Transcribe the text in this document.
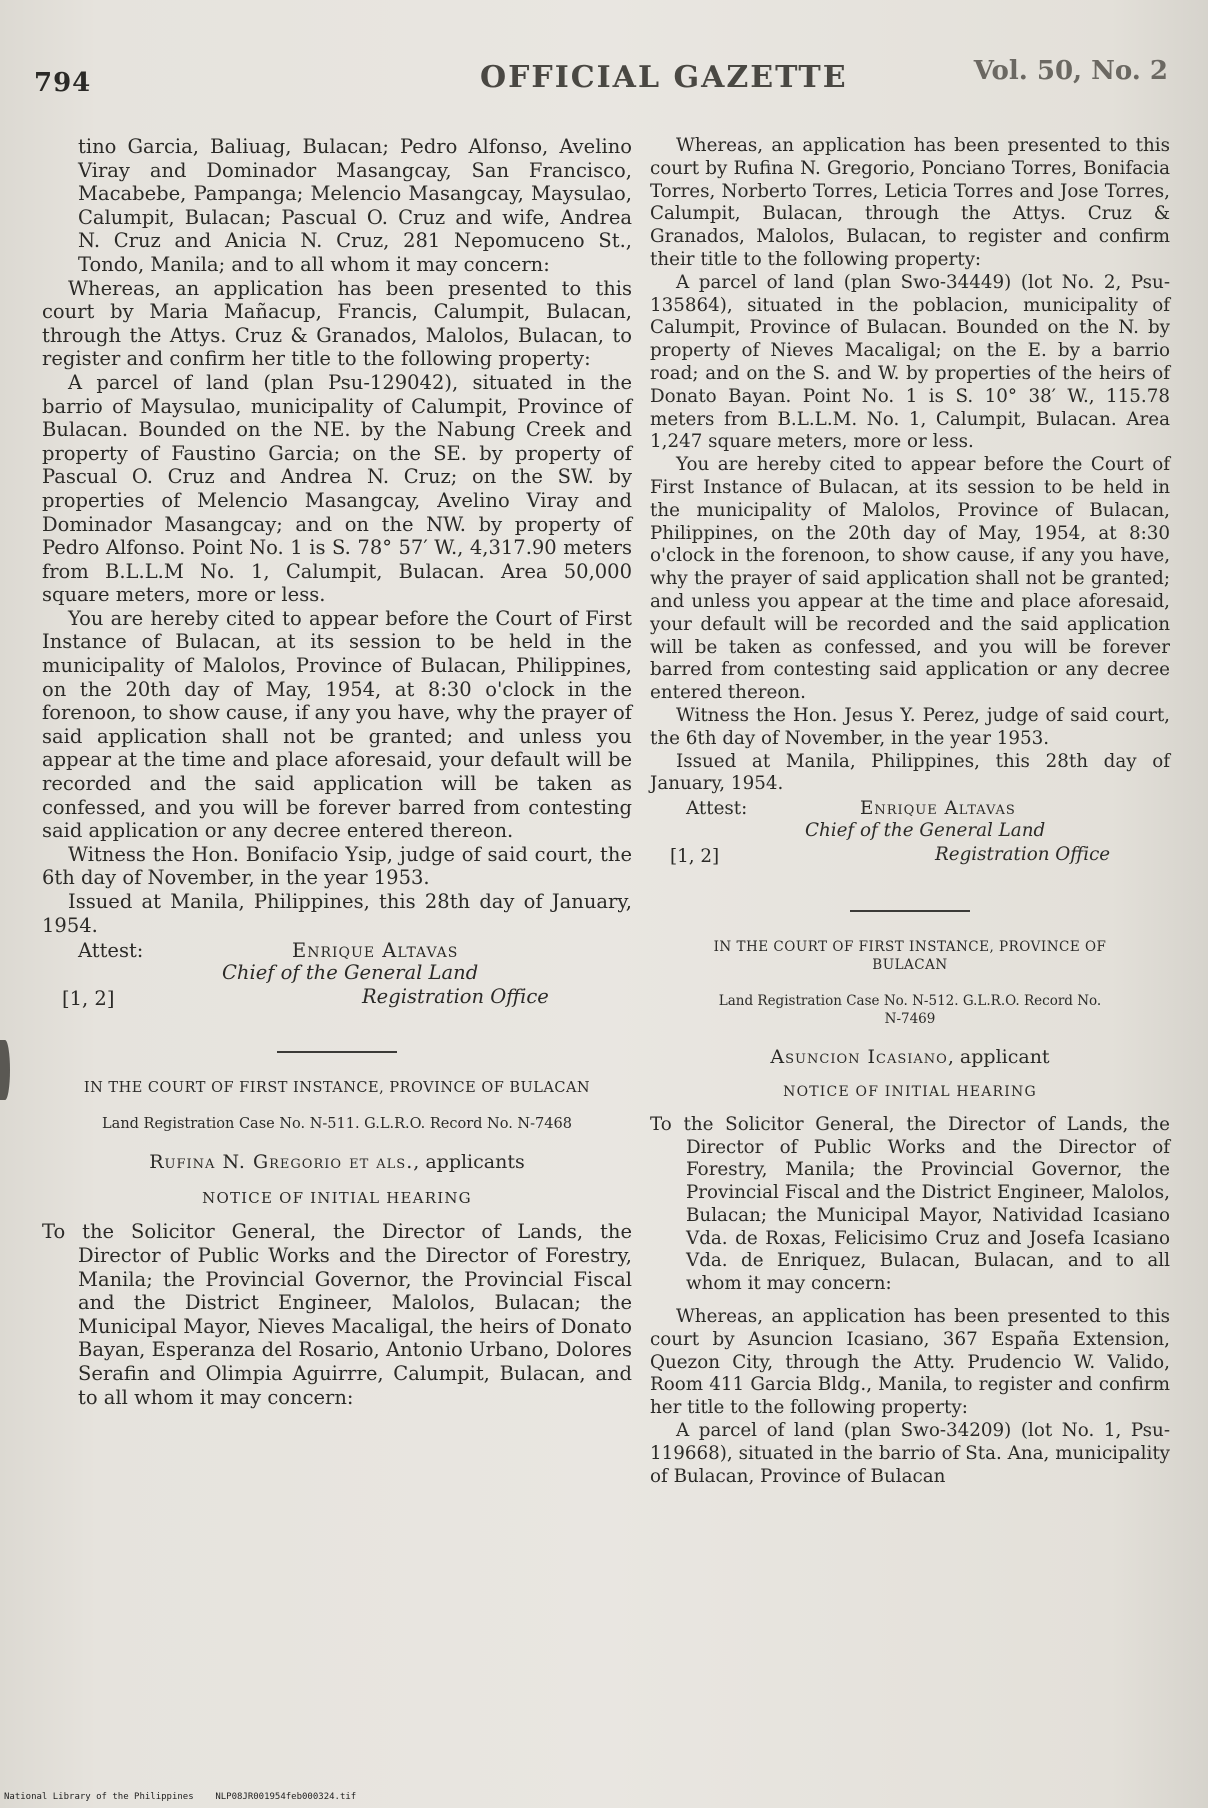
794	OFFICIAL GAZETTE	Vol. 50, No. 2

tino Garcia, Baliuag, Bulacan; Pedro Alfonso, Avelino Viray and Dominador Masangcay, San Francisco, Macabebe, Pampanga; Melencio Masangcay, Maysulao, Calumpit, Bulacan; Pascual O. Cruz and wife, Andrea N. Cruz and Anicia N. Cruz, 281 Nepomuceno St., Tondo, Manila; and to all whom it may concern:

Whereas, an application has been presented to this court by Maria Mañacup, Francis, Calumpit, Bulacan, through the Attys. Cruz & Granados, Malolos, Bulacan, to register and confirm her title to the following property:

A parcel of land (plan Psu-129042), situated in the barrio of Maysulao, municipality of Calumpit, Province of Bulacan. Bounded on the NE. by the Nabung Creek and property of Faustino Garcia; on the SE. by property of Pascual O. Cruz and Andrea N. Cruz; on the SW. by properties of Melencio Masangcay, Avelino Viray and Dominador Masangcay; and on the NW. by property of Pedro Alfonso. Point No. 1 is S. 78° 57′ W., 4,317.90 meters from B.L.L.M No. 1, Calumpit, Bulacan. Area 50,000 square meters, more or less.

You are hereby cited to appear before the Court of First Instance of Bulacan, at its session to be held in the municipality of Malolos, Province of Bulacan, Philippines, on the 20th day of May, 1954, at 8:30 o'clock in the forenoon, to show cause, if any you have, why the prayer of said application shall not be granted; and unless you appear at the time and place aforesaid, your default will be recorded and the said application will be taken as confessed, and you will be forever barred from contesting said application or any decree entered thereon.

Witness the Hon. Bonifacio Ysip, judge of said court, the 6th day of November, in the year 1953.

Issued at Manila, Philippines, this 28th day of January, 1954.

Attest:	Enrique Altavas
Chief of the General Land
Registration Office
[1, 2]
IN THE COURT OF FIRST INSTANCE, PROVINCE OF BULACAN
Land Registration Case No. N-511. G.L.R.O. Record No. N-7468
Rufina N. Gregorio et als., applicants
NOTICE OF INITIAL HEARING

To the Solicitor General, the Director of Lands, the Director of Public Works and the Director of Forestry, Manila; the Provincial Governor, the Provincial Fiscal and the District Engineer, Malolos, Bulacan; the Municipal Mayor, Nieves Macaligal, the heirs of Donato Bayan, Esperanza del Rosario, Antonio Urbano, Dolores Serafin and Olimpia Aguirrre, Calumpit, Bulacan, and to all whom it may concern:

Whereas, an application has been presented to this court by Rufina N. Gregorio, Ponciano Torres, Bonifacia Torres, Norberto Torres, Leticia Torres and Jose Torres, Calumpit, Bulacan, through the Attys. Cruz & Granados, Malolos, Bulacan, to register and confirm their title to the following property:

A parcel of land (plan Swo-34449) (lot No. 2, Psu-135864), situated in the poblacion, municipality of Calumpit, Province of Bulacan. Bounded on the N. by property of Nieves Macaligal; on the E. by a barrio road; and on the S. and W. by properties of the heirs of Donato Bayan. Point No. 1 is S. 10° 38′ W., 115.78 meters from B.L.L.M. No. 1, Calumpit, Bulacan. Area 1,247 square meters, more or less.

You are hereby cited to appear before the Court of First Instance of Bulacan, at its session to be held in the municipality of Malolos, Province of Bulacan, Philippines, on the 20th day of May, 1954, at 8:30 o'clock in the forenoon, to show cause, if any you have, why the prayer of said application shall not be granted; and unless you appear at the time and place aforesaid, your default will be recorded and the said application will be taken as confessed, and you will be forever barred from contesting said application or any decree entered thereon.

Witness the Hon. Jesus Y. Perez, judge of said court, the 6th day of November, in the year 1953.

Issued at Manila, Philippines, this 28th day of January, 1954.

Attest:	Enrique Altavas
Chief of the General Land
Registration Office
[1, 2]
IN THE COURT OF FIRST INSTANCE, PROVINCE OF BULACAN
Land Registration Case No. N-512. G.L.R.O. Record No. N-7469
Asuncion Icasiano, applicant
NOTICE OF INITIAL HEARING

To the Solicitor General, the Director of Lands, the Director of Public Works and the Director of Forestry, Manila; the Provincial Governor, the Provincial Fiscal and the District Engineer, Malolos, Bulacan; the Municipal Mayor, Natividad Icasiano Vda. de Roxas, Felicisimo Cruz and Josefa Icasiano Vda. de Enriquez, Bulacan, Bulacan, and to all whom it may concern:

Whereas, an application has been presented to this court by Asuncion Icasiano, 367 España Extension, Quezon City, through the Atty. Prudencio W. Valido, Room 411 Garcia Bldg., Manila, to register and confirm her title to the following property:

A parcel of land (plan Swo-34209) (lot No. 1, Psu-119668), situated in the barrio of Sta. Ana, municipality of Bulacan, Province of Bulacan

National Library of the Philippines    NLP08JR001954feb000324.tif
